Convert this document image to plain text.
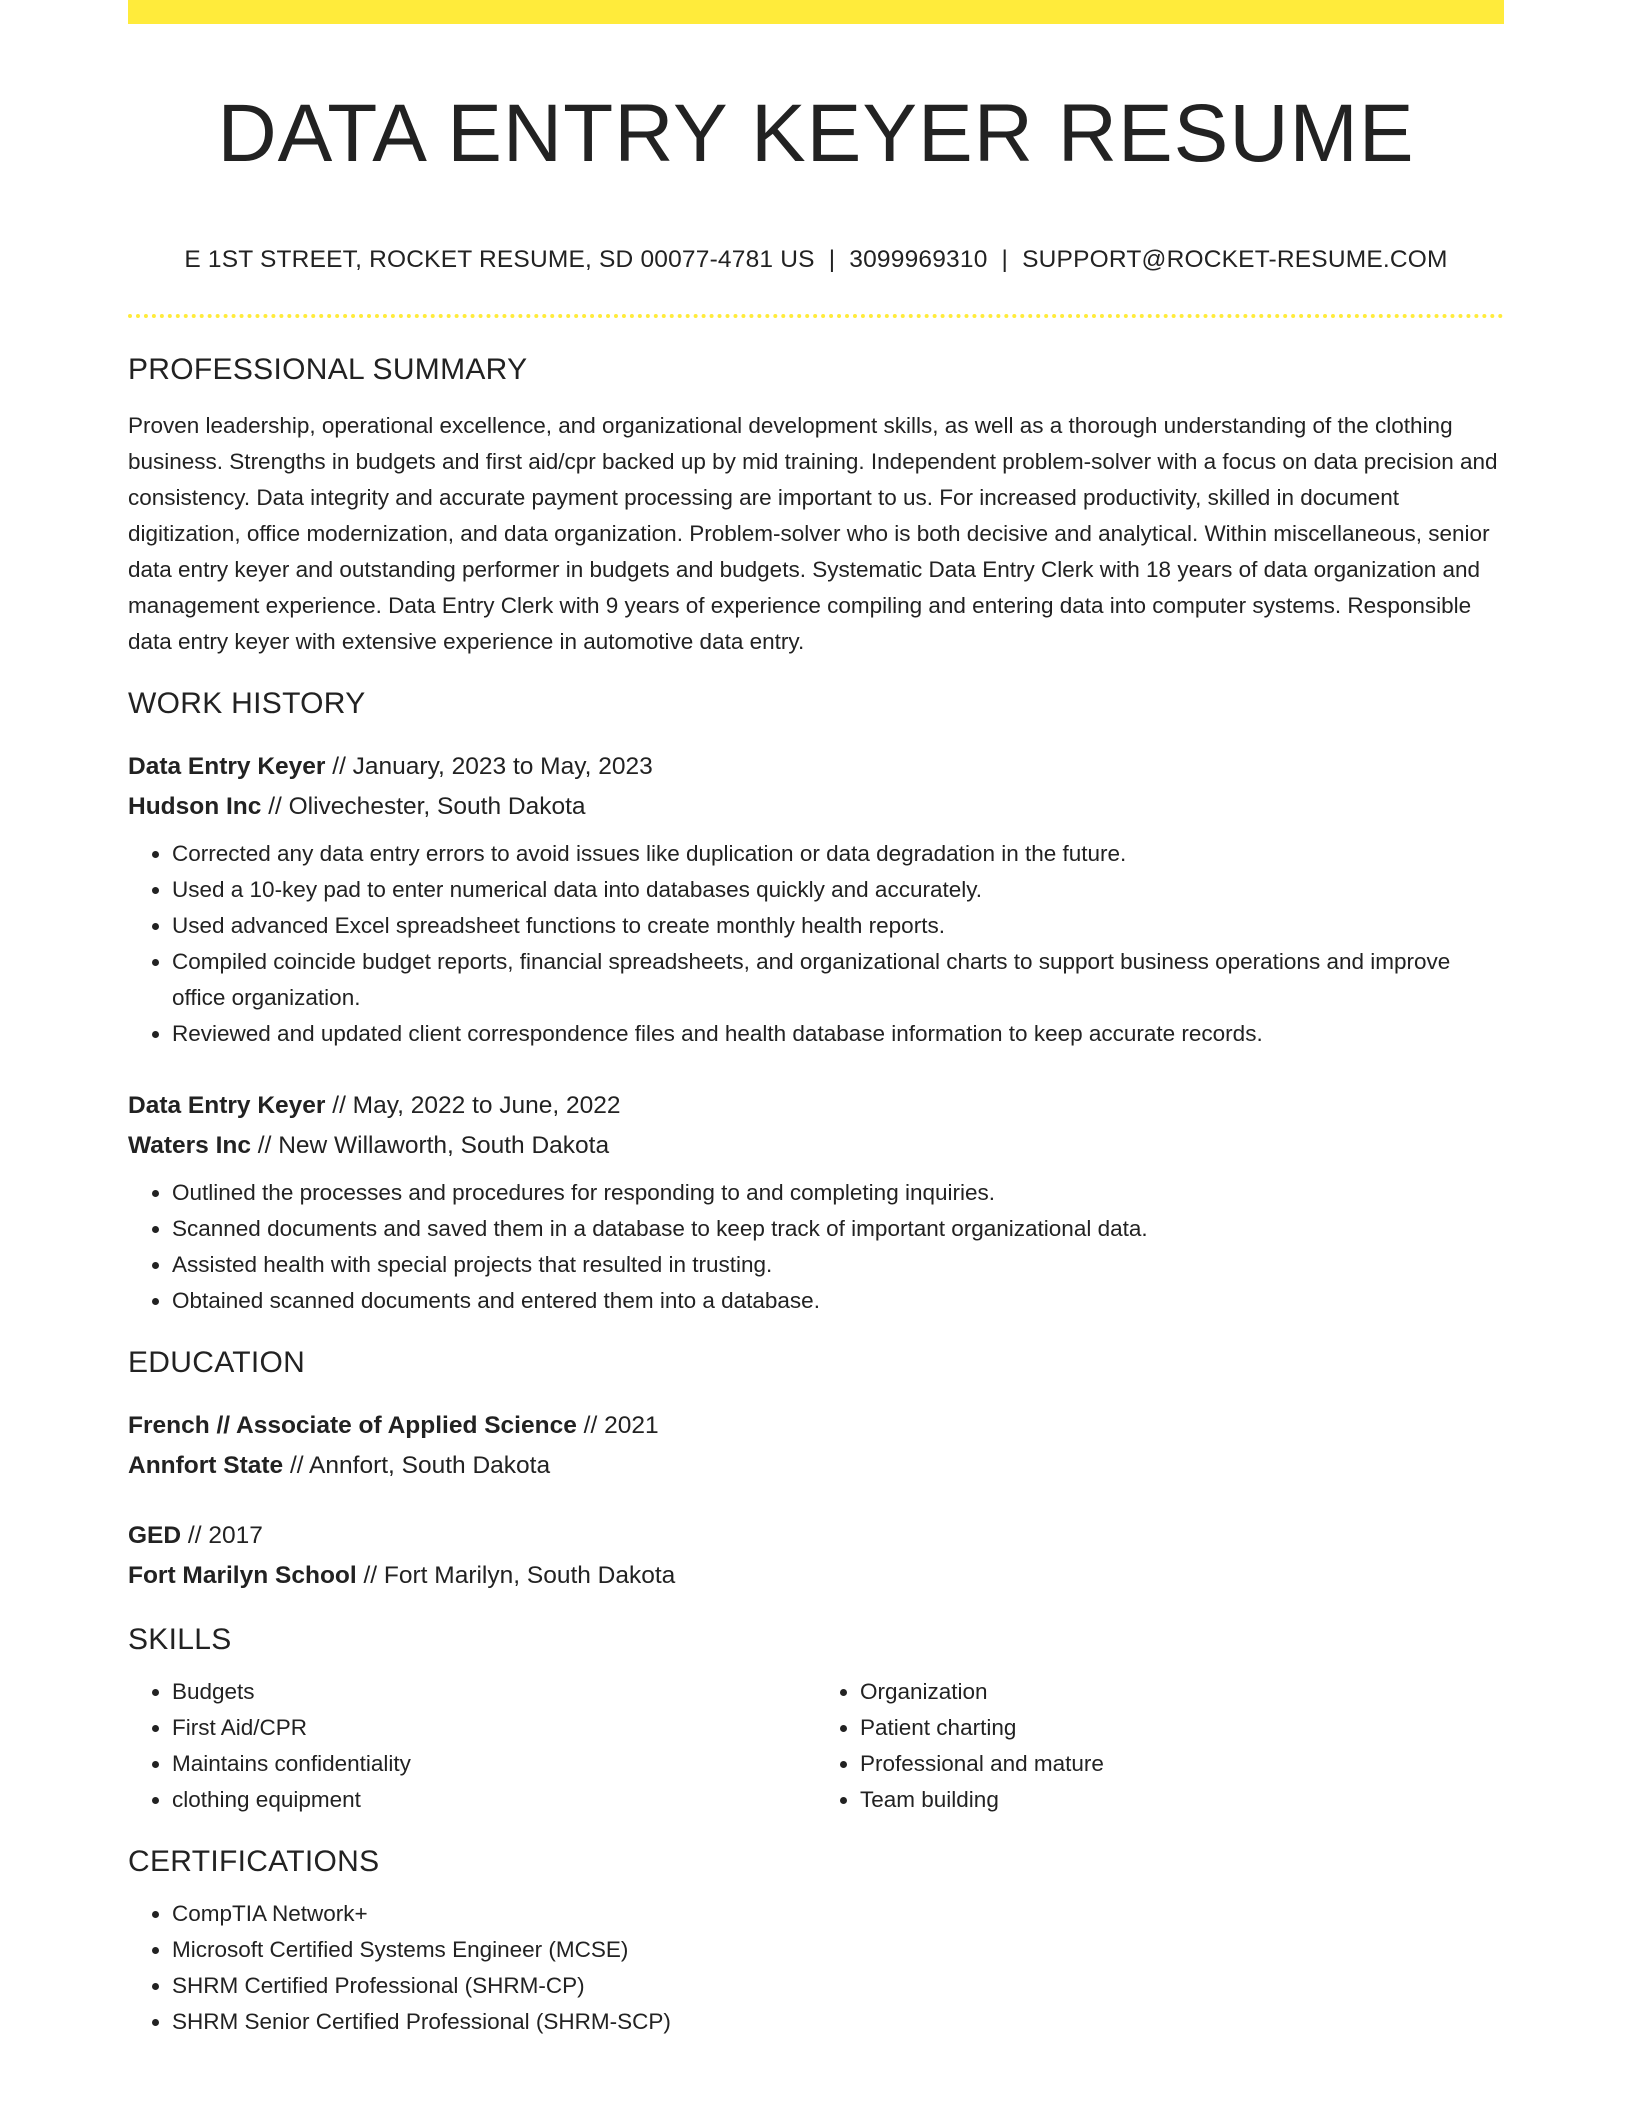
DATA ENTRY KEYER RESUME
E 1ST STREET, ROCKET RESUME, SD 00077-4781 US | 3099969310 | SUPPORT@ROCKET-RESUME.COM
PROFESSIONAL SUMMARY
Proven leadership, operational excellence, and organizational development skills, as well as a thorough understanding of the clothing business. Strengths in budgets and first aid/cpr backed up by mid training. Independent problem-solver with a focus on data precision and consistency. Data integrity and accurate payment processing are important to us. For increased productivity, skilled in document digitization, office modernization, and data organization. Problem-solver who is both decisive and analytical. Within miscellaneous, senior data entry keyer and outstanding performer in budgets and budgets. Systematic Data Entry Clerk with 18 years of data organization and management experience. Data Entry Clerk with 9 years of experience compiling and entering data into computer systems. Responsible data entry keyer with extensive experience in automotive data entry.
WORK HISTORY
Data Entry Keyer // January, 2023 to May, 2023
Hudson Inc // Olivechester, South Dakota
• Corrected any data entry errors to avoid issues like duplication or data degradation in the future.
• Used a 10-key pad to enter numerical data into databases quickly and accurately.
• Used advanced Excel spreadsheet functions to create monthly health reports.
• Compiled coincide budget reports, financial spreadsheets, and organizational charts to support business operations and improve office organization.
• Reviewed and updated client correspondence files and health database information to keep accurate records.
Data Entry Keyer // May, 2022 to June, 2022
Waters Inc // New Willaworth, South Dakota
• Outlined the processes and procedures for responding to and completing inquiries.
• Scanned documents and saved them in a database to keep track of important organizational data.
• Assisted health with special projects that resulted in trusting.
• Obtained scanned documents and entered them into a database.
EDUCATION
French // Associate of Applied Science // 2021
Annfort State // Annfort, South Dakota
GED // 2017
Fort Marilyn School // Fort Marilyn, South Dakota
SKILLS
• Budgets
• First Aid/CPR
• Maintains confidentiality
• clothing equipment
• Organization
• Patient charting
• Professional and mature
• Team building
CERTIFICATIONS
• CompTIA Network+
• Microsoft Certified Systems Engineer (MCSE)
• SHRM Certified Professional (SHRM-CP)
• SHRM Senior Certified Professional (SHRM-SCP)
